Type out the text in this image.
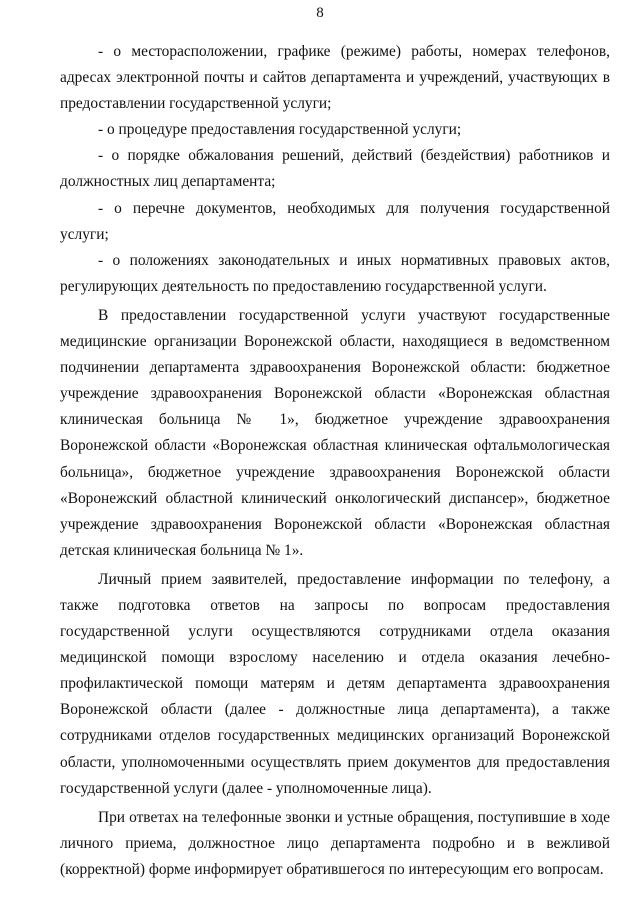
8

- о месторасположении, графике (режиме) работы, номерах телефонов, адресах электронной почты и сайтов департамента и учреждений, участвующих в предоставлении государственной услуги;

- о процедуре предоставления государственной услуги;

- о порядке обжалования решений, действий (бездействия) работников и должностных лиц департамента;

- о перечне документов, необходимых для получения государственной услуги;

- о положениях законодательных и иных нормативных правовых актов, регулирующих деятельность по предоставлению государственной услуги.

В предоставлении государственной услуги участвуют государственные медицинские организации Воронежской области, находящиеся в ведомственном подчинении департамента здравоохранения Воронежской области: бюджетное учреждение здравоохранения Воронежской области «Воронежская областная клиническая больница № 1», бюджетное учреждение здравоохранения Воронежской области «Воронежская областная клиническая офтальмологическая больница», бюджетное учреждение здравоохранения Воронежской области «Воронежский областной клинический онкологический диспансер», бюджетное учреждение здравоохранения Воронежской области «Воронежская областная детская клиническая больница № 1».

Личный прием заявителей, предоставление информации по телефону, а также подготовка ответов на запросы по вопросам предоставления государственной услуги осуществляются сотрудниками отдела оказания медицинской помощи взрослому населению и отдела оказания лечебно-профилактической помощи матерям и детям департамента здравоохранения Воронежской области (далее - должностные лица департамента), а также сотрудниками отделов государственных медицинских организаций Воронежской области, уполномоченными осуществлять прием документов для предоставления государственной услуги (далее - уполномоченные лица).

При ответах на телефонные звонки и устные обращения, поступившие в ходе личного приема, должностное лицо департамента подробно и в вежливой (корректной) форме информирует обратившегося по интересующим его вопросам.
